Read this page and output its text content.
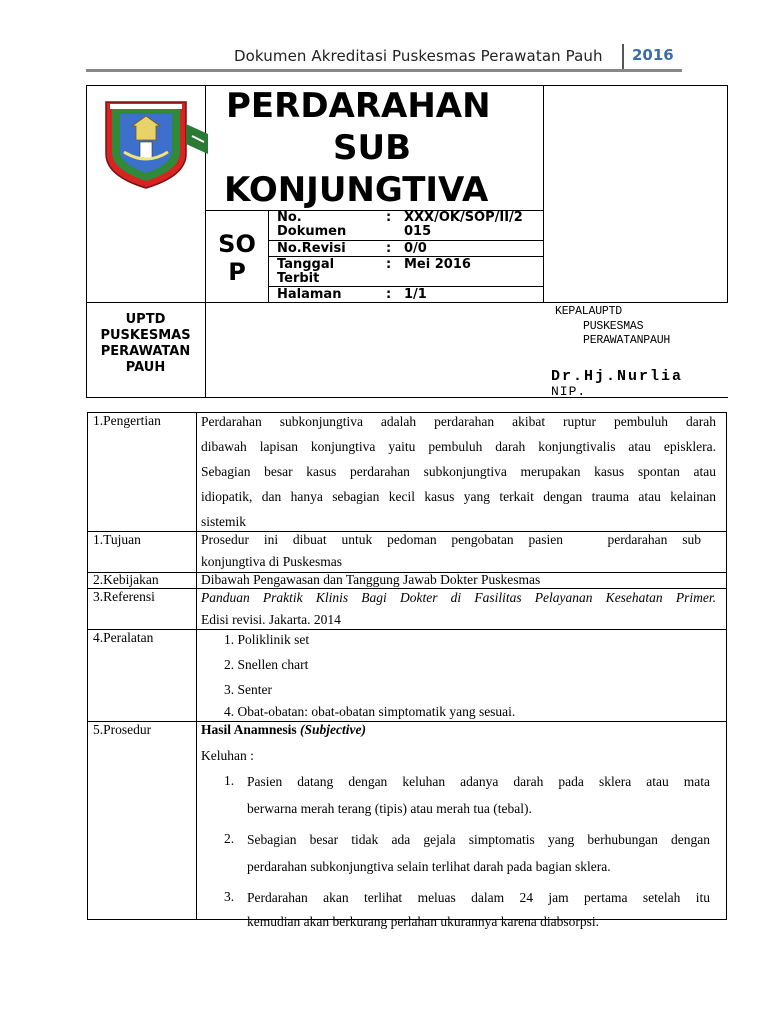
Dokumen Akreditasi Puskesmas Perawatan Pauh 2016
PERDARAHAN
SUB
KONJUNGTIVA
SO
P
No.
Dokumen
: XXX/OK/SOP/II/2
015
No.Revisi	: 0/0
Tanggal
Terbit
: Mei 2016
Halaman	: 1/1
UPTD
PUSKESMAS
PERAWATAN
PAUH
KEPALAUPTD
PUSKESMAS
PERAWATANPAUH
Dr.Hj.Nurlia
NIP.
1.Pengertian	Perdarahan subkonjungtiva adalah perdarahan akibat ruptur pembuluh darah
dibawah lapisan konjungtiva yaitu pembuluh darah konjungtivalis atau episklera.
Sebagian besar kasus perdarahan subkonjungtiva merupakan kasus spontan atau
idiopatik, dan hanya sebagian kecil kasus yang terkait dengan trauma atau kelainan
sistemik
1.Tujuan	Prosedur ini dibuat untuk pedoman pengobatan pasien   perdarahan sub
konjungtiva di Puskesmas
2.Kebijakan	Dibawah Pengawasan dan Tanggung Jawab Dokter Puskesmas
3.Referensi	Panduan Praktik Klinis Bagi Dokter di Fasilitas Pelayanan Kesehatan Primer.
Edisi revisi. Jakarta. 2014
4.Peralatan	1. Poliklinik set
2. Snellen chart
3. Senter
4. Obat-obatan: obat-obatan simptomatik yang sesuai.
5.Prosedur	Hasil Anamnesis (Subjective)
Keluhan :
1. Pasien datang dengan keluhan adanya darah pada sklera atau mata
berwarna merah terang (tipis) atau merah tua (tebal).
2. Sebagian besar tidak ada gejala simptomatis yang berhubungan dengan
perdarahan subkonjungtiva selain terlihat darah pada bagian sklera.
3. Perdarahan akan terlihat meluas dalam 24 jam pertama setelah itu
kemudian akan berkurang perlahan ukurannya karena diabsorpsi.
